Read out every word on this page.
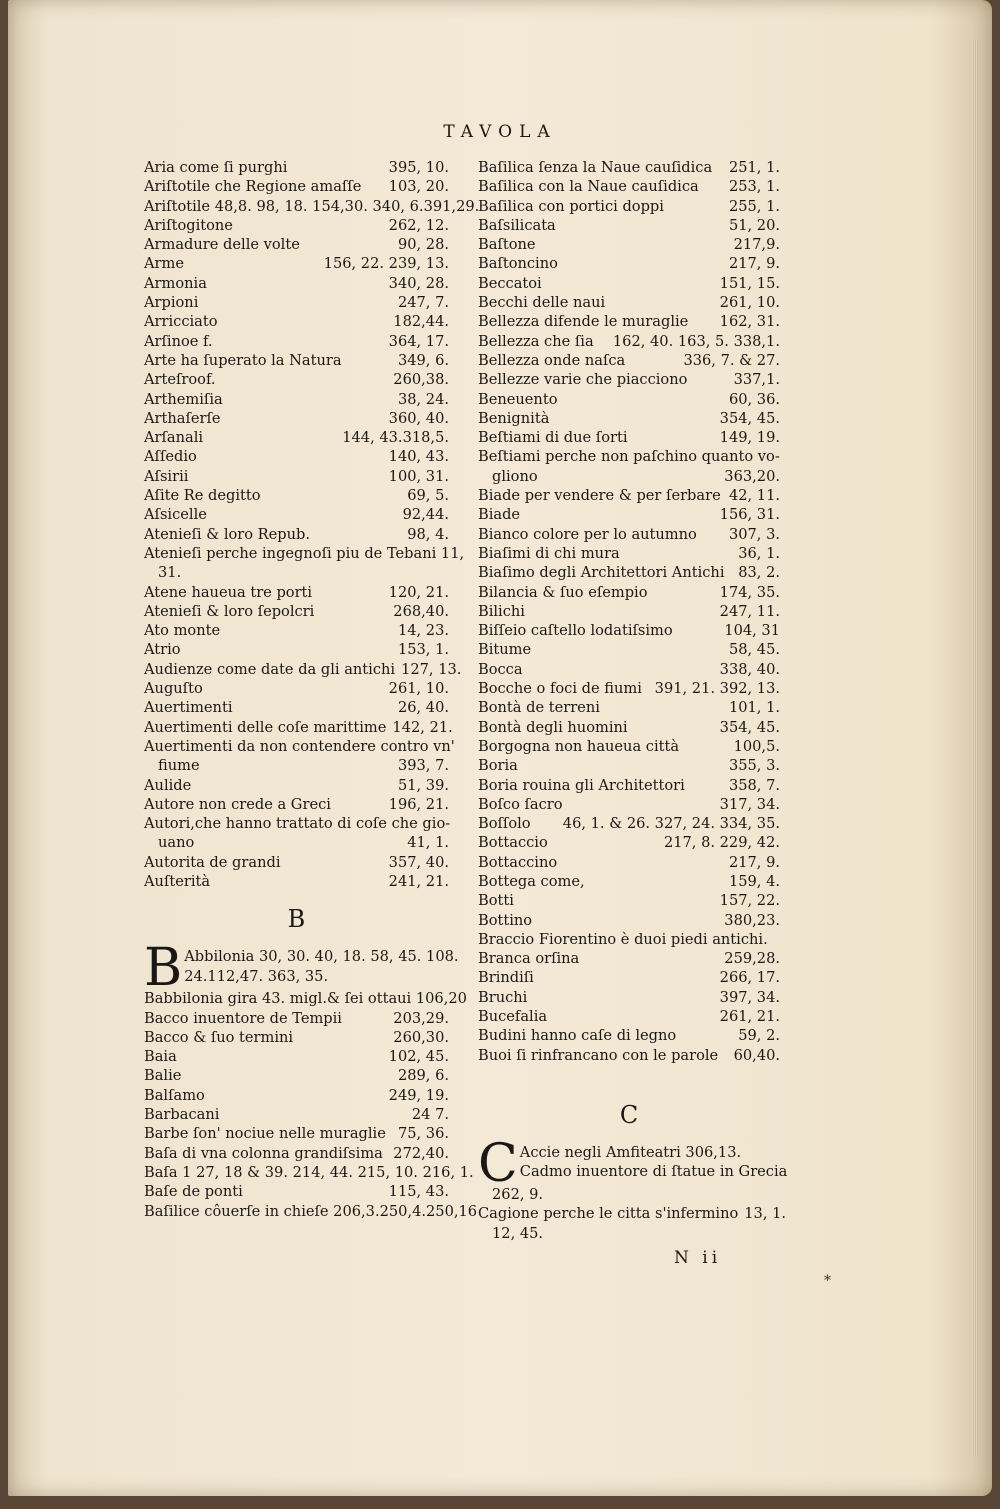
TAVOLA
Aria come ſi purghi	395, 10.
Ariſtotile che Regione amaſſe	103, 20.
Ariſtotile 48,8. 98, 18. 154,30. 340, 6.391,29.
Ariſtogitone	262, 12.
Armadure delle volte	90, 28.
Arme	156, 22. 239, 13.
Armonia	340, 28.
Arpioni	247, 7.
Arricciato	182,44.
Arſinoe f.	364, 17.
Arte ha ſuperato la Natura	349, 6.
Arteſroof.	260,38.
Arthemiſia	38, 24.
Arthaſerſe	360, 40.
Arſanali	144, 43.318,5.
Aſſedio	140, 43.
Aſsirii	100, 31.
Aſite Re degitto	69, 5.
Aſsicelle	92,44.
Atenieſi & loro Repub.	98, 4.
Atenieſi perche ingegnoſi piu de Tebani 11,
31.
Atene haueua tre porti	120, 21.
Atenieſi & loro ſepolcri	268,40.
Ato monte	14, 23.
Atrio	153, 1.
Audienze come date da gli antichi 127, 13.
Auguſto	261, 10.
Auertimenti	26, 40.
Auertimenti delle coſe marittime 142, 21.
Auertimenti da non contendere contro vn'
fiume	393, 7.
Aulide	51, 39.
Autore non crede a Greci	196, 21.
Autori,che hanno trattato di coſe che gio-
uano	41, 1.
Autorita de grandi	357, 40.
Auſterità	241, 21.
B
B Abbilonia 30, 30. 40, 18. 58, 45. 108.
24.112,47. 363, 35.
Babbilonia gira 43. migl.& ſei ottaui 106,20
Bacco inuentore de Tempii	203,29.
Bacco & ſuo termini	260,30.
Baia	102, 45.
Balie	289, 6.
Balſamo	249, 19.
Barbacani	24 7.
Barbe ſon' nociue nelle muraglie 75, 36.
Baſa di vna colonna grandiſsima 272,40.
Baſa 1 27, 18 & 39. 214, 44. 215, 10. 216, 1.
Baſe de ponti	115, 43.
Baſilice côuerſe in chieſe 206,3.250,4.250,16
Baſilica ſenza la Naue cauſidica	251, 1.
Baſilica con la Naue cauſidica	253, 1.
Baſilica con portici doppi	255, 1.
Baſsilicata	51, 20.
Baſtone	217,9.
Baſtoncino	217, 9.
Beccatoi	151, 15.
Becchi delle naui	261, 10.
Bellezza difende le muraglie	162, 31.
Bellezza che ſia	162, 40. 163, 5. 338,1.
Bellezza onde naſca	336, 7. & 27.
Bellezze varie che piacciono	337,1.
Beneuento	60, 36.
Benignità	354, 45.
Beſtiami di due ſorti	149, 19.
Beſtiami perche non paſchino quanto vo-
gliono	363,20.
Biade per vendere & per ſerbare 42, 11.
Biade	156, 31.
Bianco colore per lo autumno	307, 3.
Biaſimi di chi mura	36, 1.
Biaſimo degli Architettori Antichi 83, 2.
Bilancia & ſuo eſempio	174, 35.
Bilichi	247, 11.
Biſſeio caſtello lodatiſsimo	104, 31
Bitume	58, 45.
Bocca	338, 40.
Bocche o foci de fiumi 391, 21. 392, 13.
Bontà de terreni	101, 1.
Bontà degli huomini	354, 45.
Borgogna non haueua città	100,5.
Boria	355, 3.
Boria rouina gli Architettori	358, 7.
Boſco ſacro	317, 34.
Boſſolo	46, 1. & 26. 327, 24. 334, 35.
Bottaccio	217, 8. 229, 42.
Bottaccino	217, 9.
Bottega come,	159, 4.
Botti	157, 22.
Bottino	380,23.
Braccio Fiorentino è duoi piedi antichi.
Branca orſina	259,28.
Brindiſi	266, 17.
Bruchi	397, 34.
Bucefalia	261, 21.
Budini hanno caſe di legno	59, 2.
Buoi ſi rinfrancano con le parole	60,40.
C
C Accie negli Amfiteatri 306,13.
Cadmo inuentore di ſtatue in Grecia
262, 9.
Cagione perche le citta s'infermino 13, 1.
12, 45.
N ii
*
